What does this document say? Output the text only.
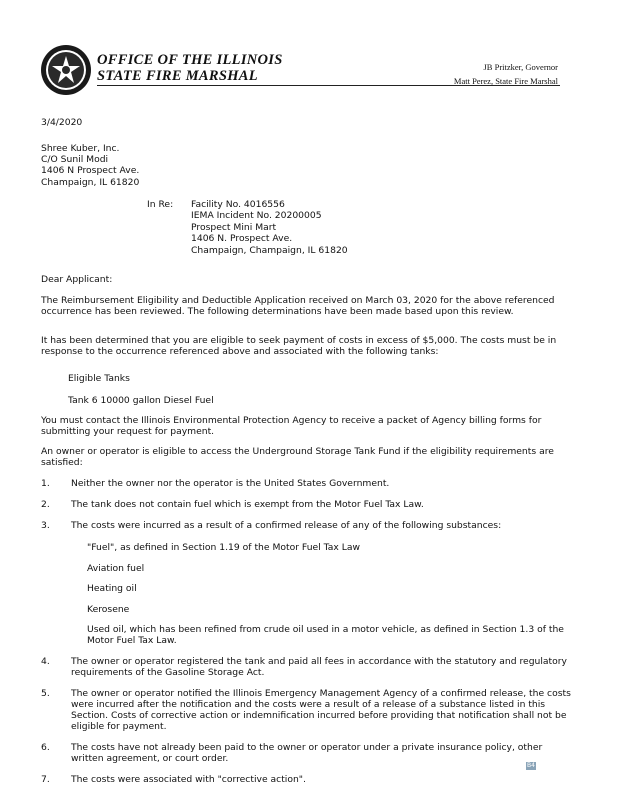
OFFICE OF THE ILLINOIS
STATE FIRE MARSHAL
JB Pritzker, Governor
Matt Perez, State Fire Marshal
3/4/2020
Shree Kuber, Inc.
C/O Sunil Modi
1406 N Prospect Ave.
Champaign, IL 61820
In Re: Facility No. 4016556
IEMA Incident No. 20200005
Prospect Mini Mart
1406 N. Prospect Ave.
Champaign, Champaign, IL 61820
Dear Applicant:
The Reimbursement Eligibility and Deductible Application received on March 03, 2020 for the above referenced occurrence has been reviewed. The following determinations have been made based upon this review.
It has been determined that you are eligible to seek payment of costs in excess of $5,000. The costs must be in response to the occurrence referenced above and associated with the following tanks:
Eligible Tanks
Tank 6 10000 gallon Diesel Fuel
You must contact the Illinois Environmental Protection Agency to receive a packet of Agency billing forms for submitting your request for payment.
An owner or operator is eligible to access the Underground Storage Tank Fund if the eligibility requirements are satisfied:
1. Neither the owner nor the operator is the United States Government.
2. The tank does not contain fuel which is exempt from the Motor Fuel Tax Law.
3. The costs were incurred as a result of a confirmed release of any of the following substances:
"Fuel", as defined in Section 1.19 of the Motor Fuel Tax Law
Aviation fuel
Heating oil
Kerosene
Used oil, which has been refined from crude oil used in a motor vehicle, as defined in Section 1.3 of the Motor Fuel Tax Law.
4. The owner or operator registered the tank and paid all fees in accordance with the statutory and regulatory requirements of the Gasoline Storage Act.
5. The owner or operator notified the Illinois Emergency Management Agency of a confirmed release, the costs were incurred after the notification and the costs were a result of a release of a substance listed in this Section. Costs of corrective action or indemnification incurred before providing that notification shall not be eligible for payment.
6. The costs have not already been paid to the owner or operator under a private insurance policy, other written agreement, or court order.
7. The costs were associated with "corrective action".
B4
